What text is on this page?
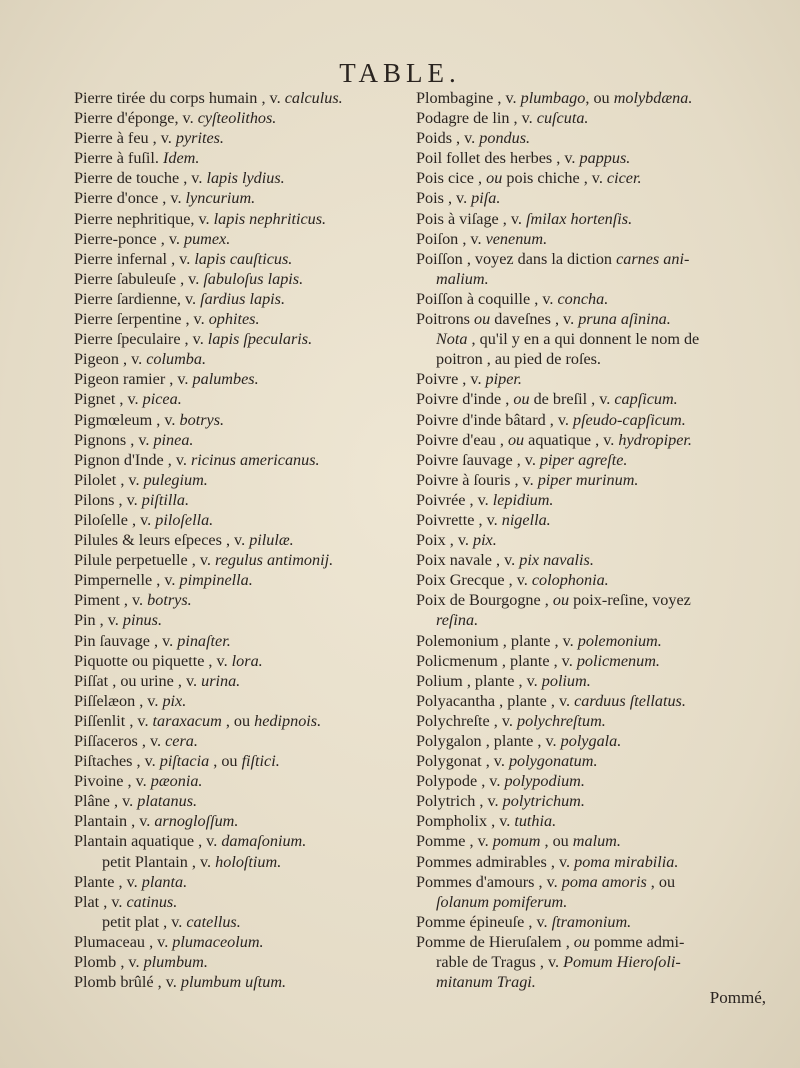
TABLE.
Pierre tirée du corps humain , v. calculus.
Pierre d'éponge, v. cyſteolithos.
Pierre à feu , v. pyrites.
Pierre à fuſil. Idem.
Pierre de touche , v. lapis lydius.
Pierre d'once , v. lyncurium.
Pierre nephritique, v. lapis nephriticus.
Pierre-ponce , v. pumex.
Pierre infernal , v. lapis cauſticus.
Pierre ſabuleuſe , v. ſabuloſus lapis.
Pierre ſardienne, v. ſardius lapis.
Pierre ſerpentine , v. ophites.
Pierre ſpeculaire , v. lapis ſpecularis.
Pigeon , v. columba.
Pigeon ramier , v. palumbes.
Pignet , v. picea.
Pigmœleum , v. botrys.
Pignons , v. pinea.
Pignon d'Inde , v. ricinus americanus.
Pilolet , v. pulegium.
Pilons , v. piſtilla.
Piloſelle , v. piloſella.
Pilules & leurs eſpeces , v. pilulæ.
Pilule perpetuelle , v. regulus antimonij.
Pimpernelle , v. pimpinella.
Piment , v. botrys.
Pin , v. pinus.
Pin ſauvage , v. pinaſter.
Piquotte ou piquette , v. lora.
Piſſat , ou urine , v. urina.
Piſſelæon , v. pix.
Piſſenlit , v. taraxacum , ou hedipnois.
Piſſaceros , v. cera.
Piſtaches , v. piſtacia , ou fiſtici.
Pivoine , v. pæonia.
Plâne , v. platanus.
Plantain , v. arnogloſſum.
Plantain aquatique , v. damaſonium.
petit Plantain , v. holoſtium.
Plante , v. planta.
Plat , v. catinus.
petit plat , v. catellus.
Plumaceau , v. plumaceolum.
Plomb , v. plumbum.
Plomb brûlé , v. plumbum uſtum.
Plombagine , v. plumbago, ou molybdæna.
Podagre de lin , v. cuſcuta.
Poids , v. pondus.
Poil follet des herbes , v. pappus.
Pois cice , ou pois chiche , v. cicer.
Pois , v. piſa.
Pois à viſage , v. ſmilax hortenſis.
Poiſon , v. venenum.
Poiſſon , voyez dans la diction carnes ani-
malium.
Poiſſon à coquille , v. concha.
Poitrons ou daveſnes , v. pruna aſinina.
Nota , qu'il y en a qui donnent le nom de
poitron , au pied de roſes.
Poivre , v. piper.
Poivre d'inde , ou de breſil , v. capſicum.
Poivre d'inde bâtard , v. pſeudo-capſicum.
Poivre d'eau , ou aquatique , v. hydropiper.
Poivre ſauvage , v. piper agreſte.
Poivre à ſouris , v. piper murinum.
Poivrée , v. lepidium.
Poivrette , v. nigella.
Poix , v. pix.
Poix navale , v. pix navalis.
Poix Grecque , v. colophonia.
Poix de Bourgogne , ou poix-reſine, voyez
reſina.
Polemonium , plante , v. polemonium.
Policmenum , plante , v. policmenum.
Polium , plante , v. polium.
Polyacantha , plante , v. carduus ſtellatus.
Polychreſte , v. polychreſtum.
Polygalon , plante , v. polygala.
Polygonat , v. polygonatum.
Polypode , v. polypodium.
Polytrich , v. polytrichum.
Pompholix , v. tuthia.
Pomme , v. pomum , ou malum.
Pommes admirables , v. poma mirabilia.
Pommes d'amours , v. poma amoris , ou
ſolanum pomiferum.
Pomme épineuſe , v. ſtramonium.
Pomme de Hieruſalem , ou pomme admi-
rable de Tragus , v. Pomum Hieroſoli-
mitanum Tragi.
Pommé,
